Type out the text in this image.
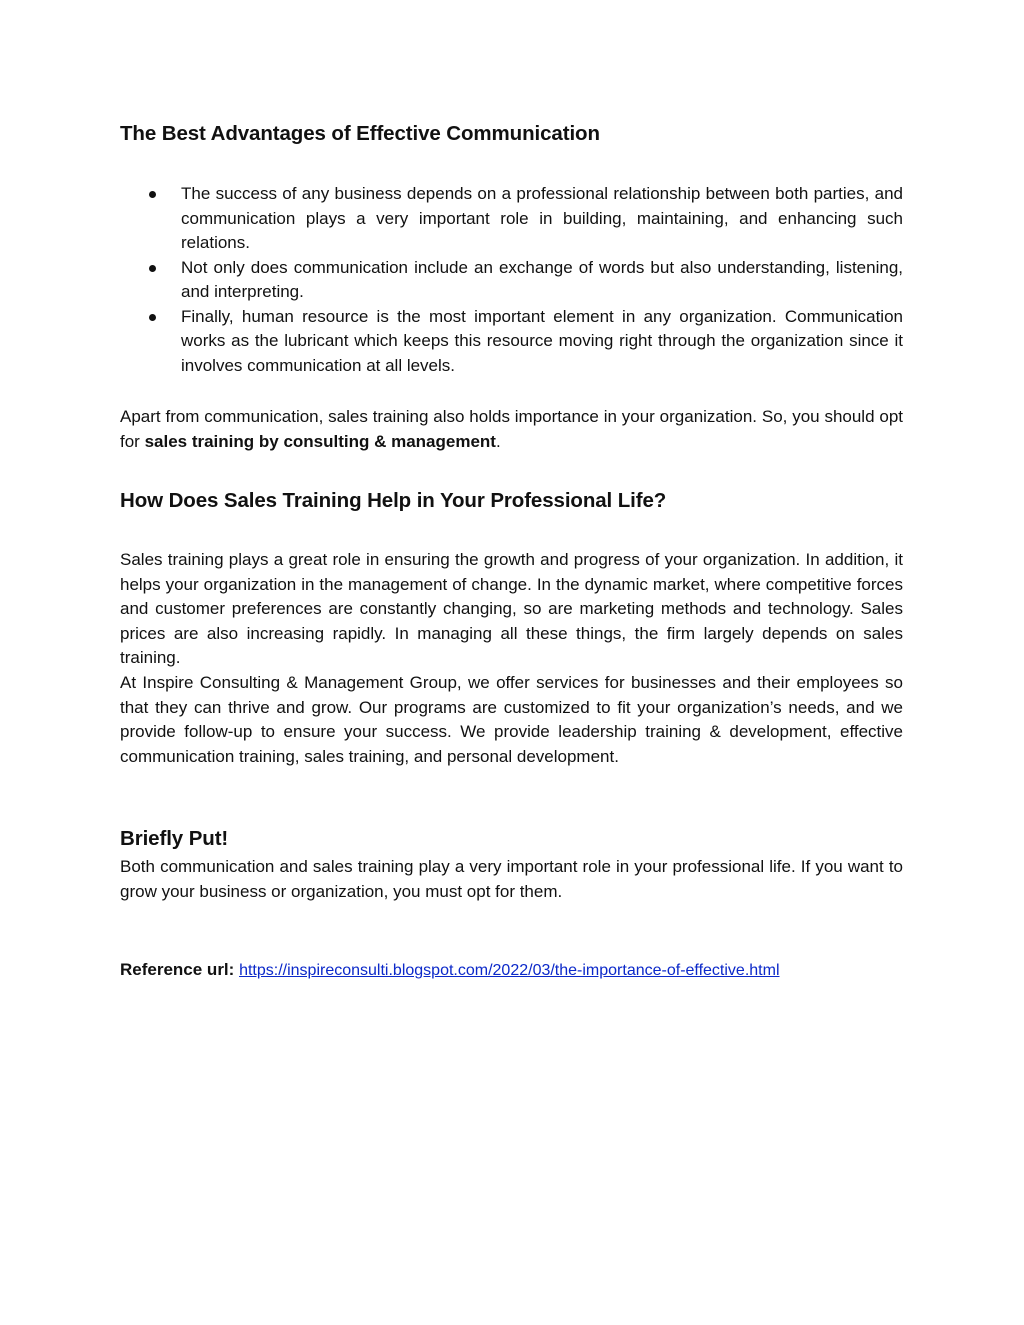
The Best Advantages of Effective Communication
The success of any business depends on a professional relationship between both parties, and communication plays a very important role in building, maintaining, and enhancing such relations.
Not only does communication include an exchange of words but also understanding, listening, and interpreting.
Finally, human resource is the most important element in any organization. Communication works as the lubricant which keeps this resource moving right through the organization since it involves communication at all levels.
Apart from communication, sales training also holds importance in your organization. So, you should opt for sales training by consulting & management.
How Does Sales Training Help in Your Professional Life?
Sales training plays a great role in ensuring the growth and progress of your organization. In addition, it helps your organization in the management of change. In the dynamic market, where competitive forces and customer preferences are constantly changing, so are marketing methods and technology. Sales prices are also increasing rapidly. In managing all these things, the firm largely depends on sales training.
At Inspire Consulting & Management Group, we offer services for businesses and their employees so that they can thrive and grow. Our programs are customized to fit your organization’s needs, and we provide follow-up to ensure your success. We provide leadership training & development, effective communication training, sales training, and personal development.
Briefly Put!
Both communication and sales training play a very important role in your professional life. If you want to grow your business or organization, you must opt for them.
Reference url: https://inspireconsulti.blogspot.com/2022/03/the-importance-of-effective.html
